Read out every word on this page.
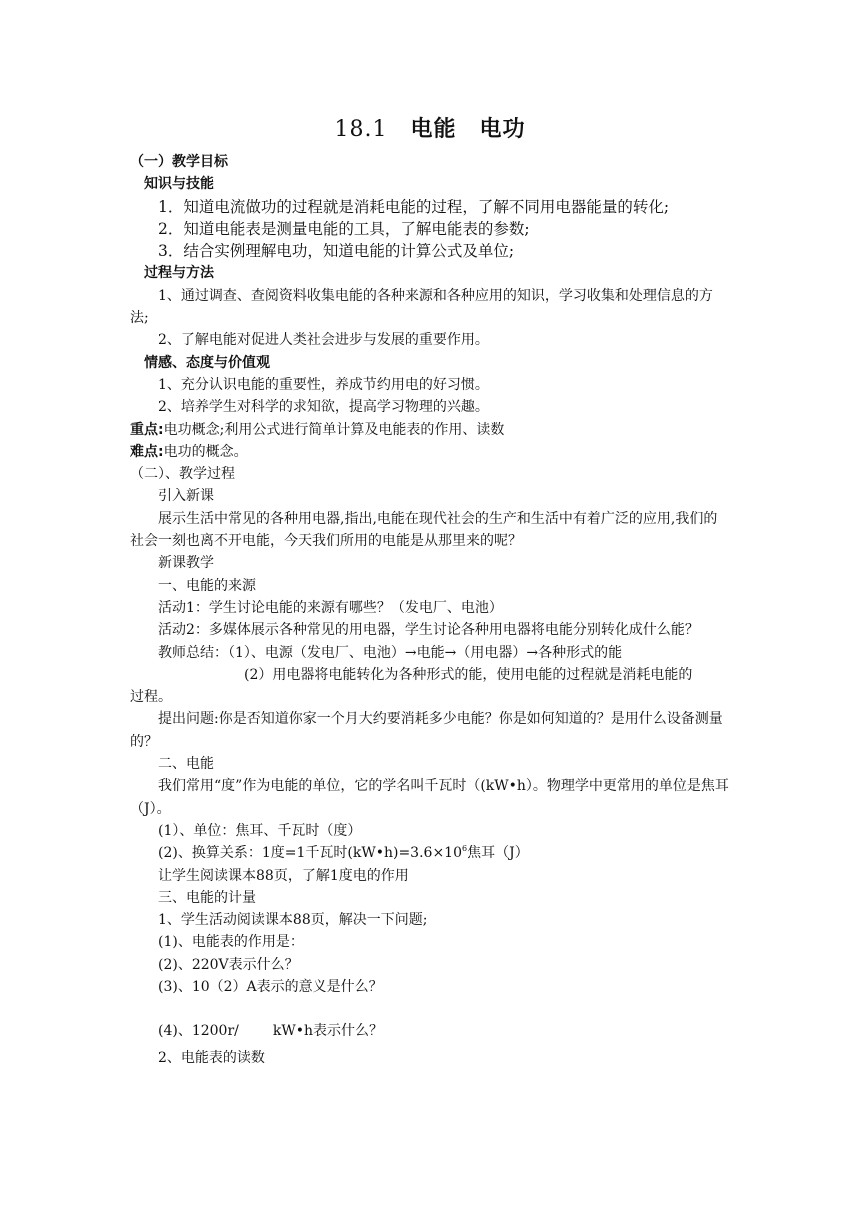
18.1　 电能　电功
（一）教学目标
知识与技能
1．知道电流做功的过程就是消耗电能的过程，了解不同用电器能量的转化;
2．知道电能表是测量电能的工具，了解电能表的参数;
3．结合实例理解电功，知道电能的计算公式及单位;
过程与方法
1、通过调查、查阅资料收集电能的各种来源和各种应用的知识，学习收集和处理信息的方法;
2、了解电能对促进人类社会进步与发展的重要作用。
情感、态度与价值观
1、充分认识电能的重要性，养成节约用电的好习惯。
2、培养学生对科学的求知欲，提高学习物理的兴趣。
重点:电功概念;利用公式进行简单计算及电能表的作用、读数
难点:电功的概念。
（二）、教学过程
引入新课
展示生活中常见的各种用电器,指出,电能在现代社会的生产和生活中有着广泛的应用,我们的社会一刻也离不开电能，今天我们所用的电能是从那里来的呢？
新课教学
一、电能的来源
活动1：学生讨论电能的来源有哪些？（发电厂、电池）
活动2：多媒体展示各种常见的用电器，学生讨论各种用电器将电能分别转化成什么能？
教师总结：（1）、电源（发电厂、电池）→电能→（用电器）→各种形式的能
(2）用电器将电能转化为各种形式的能，使用电能的过程就是消耗电能的
过程。
提出问题:你是否知道你家一个月大约要消耗多少电能？你是如何知道的？是用什么设备测量的？
二、电能
我们常用“度”作为电能的单位，它的学名叫千瓦时（(kW•h）。物理学中更常用的单位是焦耳（J）。
(1）、单位：焦耳、千瓦时（度）
(2)、换算关系：1度=1千瓦时$(kW•h)=3.6\times 10^6$焦耳（J）
让学生阅读课本88页，了解1度电的作用
三、电能的计量
1、学生活动阅读课本88页，解决一下问题;
(1)、电能表的作用是：
(2)、220V表示什么？
(3)、10（2）A表示的意义是什么？
(4)、1200r/ kW•h表示什么？
2、电能表的读数
